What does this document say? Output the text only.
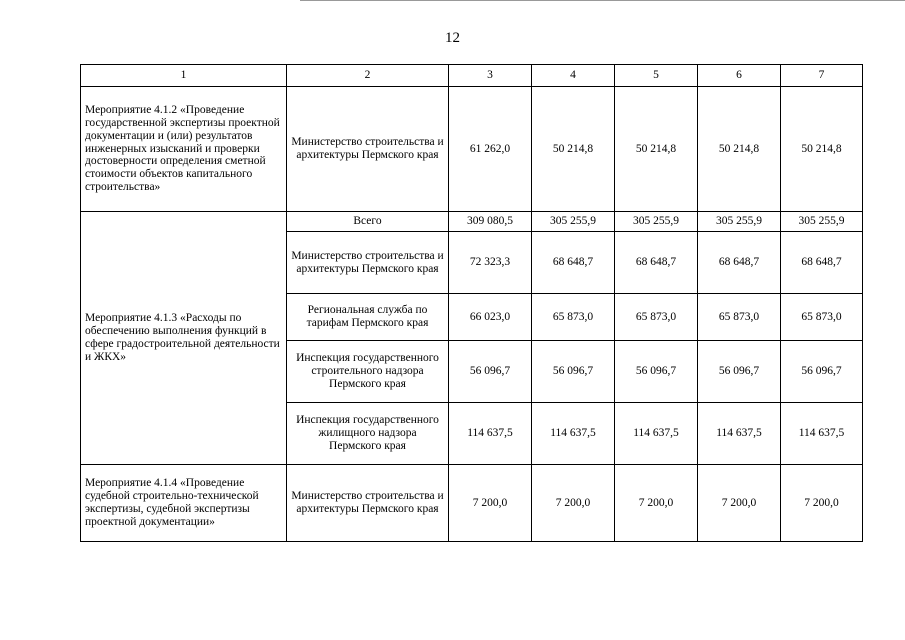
12
1	2	3	4	5	6	7
Мероприятие 4.1.2 «Проведение государственной экспертизы проектной документации и (или) результатов инженерных изысканий и проверки достоверности определения сметной стоимости объектов капитального строительства»	Министерство строительства и архитектуры Пермского края	61 262,0	50 214,8	50 214,8	50 214,8	50 214,8
Мероприятие 4.1.3 «Расходы по обеспечению выполнения функций в сфере градостроительной деятельности и ЖКХ»	Всего	309 080,5	305 255,9	305 255,9	305 255,9	305 255,9
	Министерство строительства и архитектуры Пермского края	72 323,3	68 648,7	68 648,7	68 648,7	68 648,7
	Региональная служба по тарифам Пермского края	66 023,0	65 873,0	65 873,0	65 873,0	65 873,0
	Инспекция государственного строительного надзора Пермского края	56 096,7	56 096,7	56 096,7	56 096,7	56 096,7
	Инспекция государственного жилищного надзора Пермского края	114 637,5	114 637,5	114 637,5	114 637,5	114 637,5
Мероприятие 4.1.4 «Проведение судебной строительно-технической экспертизы, судебной экспертизы проектной документации»	Министерство строительства и архитектуры Пермского края	7 200,0	7 200,0	7 200,0	7 200,0	7 200,0
